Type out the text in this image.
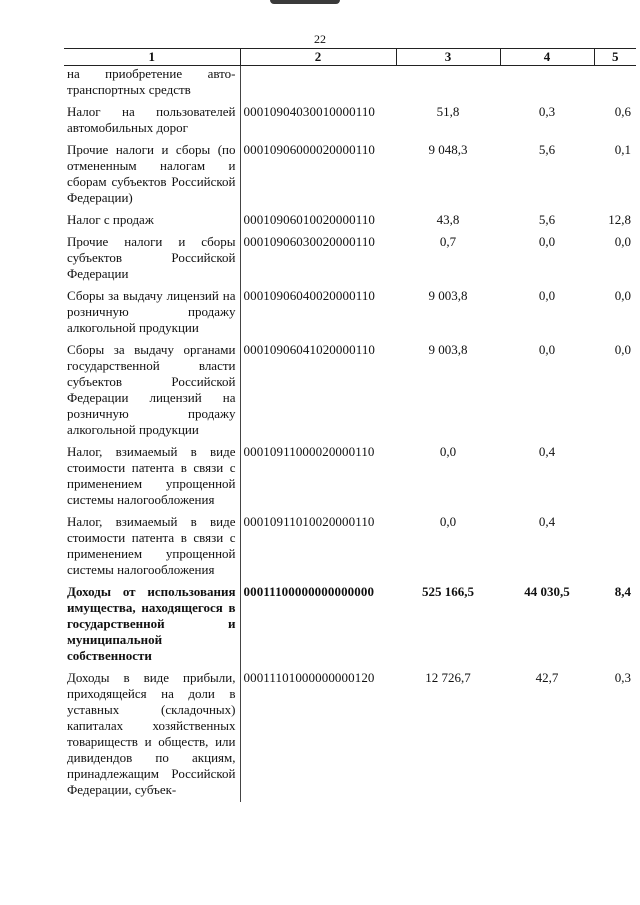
22
1	2	3	4	5
на приобретение авто-транспортных средств				
Налог на пользователей автомобильных дорог	00010904030010000110	51,8	0,3	0,6
Прочие налоги и сборы (по отмененным налогам и сборам субъектов Российской Федерации)	00010906000020000110	9 048,3	5,6	0,1
Налог с продаж	00010906010020000110	43,8	5,6	12,8
Прочие налоги и сборы субъектов Российской Федерации	00010906030020000110	0,7	0,0	0,0
Сборы за выдачу лицензий на розничную продажу алкогольной продукции	00010906040020000110	9 003,8	0,0	0,0
Сборы за выдачу органами государственной власти субъектов Российской Федерации лицензий на розничную продажу алкогольной продукции	00010906041020000110	9 003,8	0,0	0,0
Налог, взимаемый в виде стоимости патента в связи с применением упрощенной системы налогообложения	00010911000020000110	0,0	0,4	
Налог, взимаемый в виде стоимости патента в связи с применением упрощенной системы налогообложения	00010911010020000110	0,0	0,4	
Доходы от использования имущества, находящегося в государственной и муниципальной собственности	00011100000000000000	525 166,5	44 030,5	8,4
Доходы в виде прибыли, приходящейся на доли в уставных (складочных) капиталах хозяйственных товариществ и обществ, или дивидендов по акциям, принадлежащим Российской Федерации, субъек-	00011101000000000120	12 726,7	42,7	0,3
